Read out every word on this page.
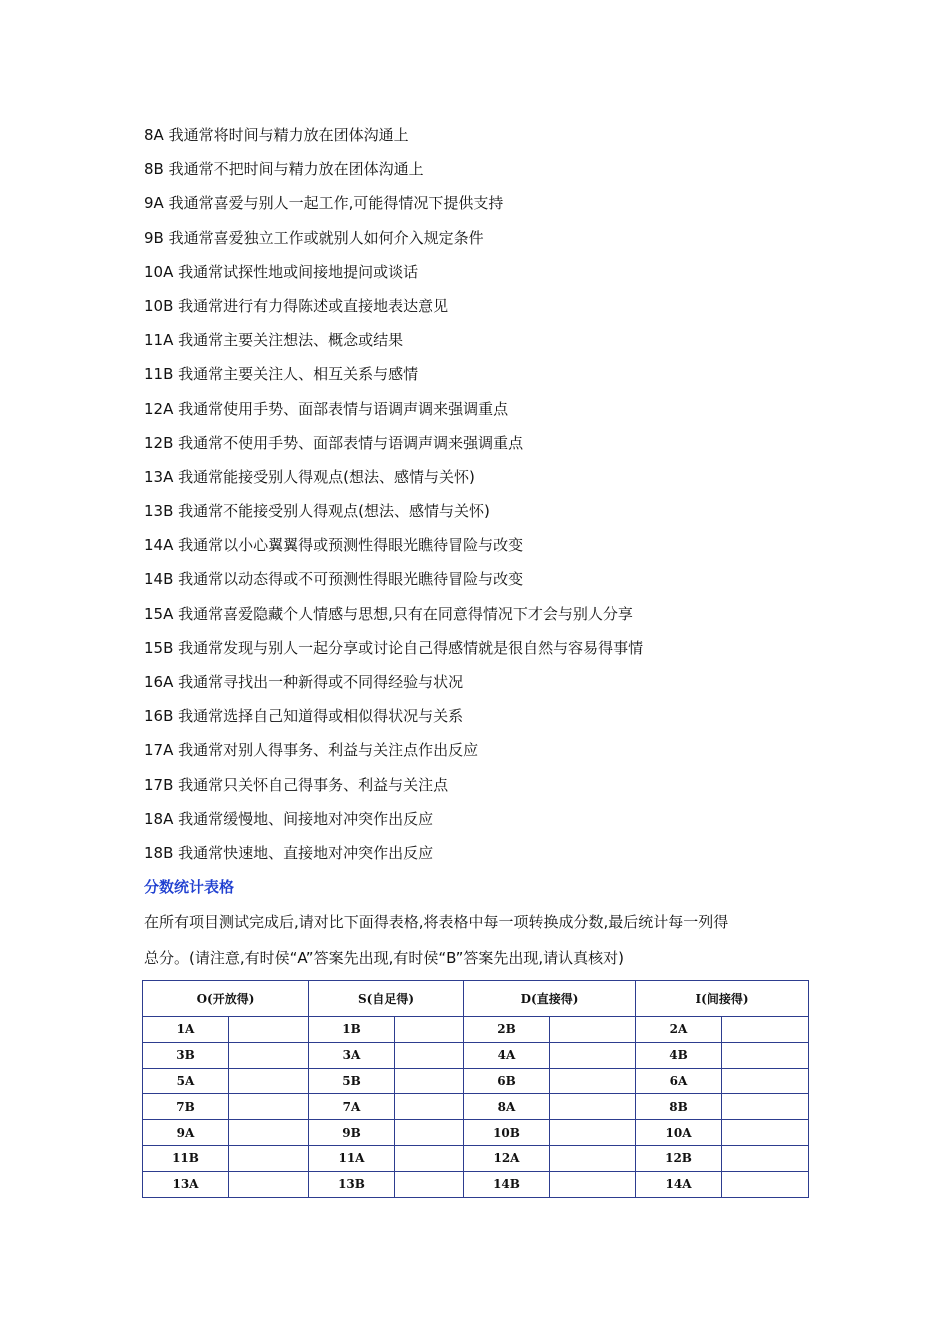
8A 我通常将时间与精力放在团体沟通上
8B 我通常不把时间与精力放在团体沟通上
9A 我通常喜爱与别人一起工作,可能得情况下提供支持
9B 我通常喜爱独立工作或就别人如何介入规定条件
10A 我通常试探性地或间接地提问或谈话
10B 我通常进行有力得陈述或直接地表达意见
11A 我通常主要关注想法、概念或结果
11B 我通常主要关注人、相互关系与感情
12A 我通常使用手势、面部表情与语调声调来强调重点
12B 我通常不使用手势、面部表情与语调声调来强调重点
13A 我通常能接受别人得观点(想法、感情与关怀)
13B 我通常不能接受别人得观点(想法、感情与关怀)
14A 我通常以小心翼翼得或预测性得眼光瞧待冒险与改变
14B 我通常以动态得或不可预测性得眼光瞧待冒险与改变
15A 我通常喜爱隐藏个人情感与思想,只有在同意得情况下才会与别人分享
15B 我通常发现与别人一起分享或讨论自己得感情就是很自然与容易得事情
16A 我通常寻找出一种新得或不同得经验与状况
16B 我通常选择自己知道得或相似得状况与关系
17A 我通常对别人得事务、利益与关注点作出反应
17B 我通常只关怀自己得事务、利益与关注点
18A 我通常缓慢地、间接地对冲突作出反应
18B 我通常快速地、直接地对冲突作出反应
分数统计表格
在所有项目测试完成后,请对比下面得表格,将表格中每一项转换成分数,最后统计每一列得
总分。(请注意,有时侯“A”答案先出现,有时侯“B”答案先出现,请认真核对)
O(开放得)		S(自足得)		D(直接得)		I(间接得)	
1A		1B		2B		2A	
3B		3A		4A		4B	
5A		5B		6B		6A	
7B		7A		8A		8B	
9A		9B		10B		10A	
11B		11A		12A		12B	
13A		13B		14B		14A	
